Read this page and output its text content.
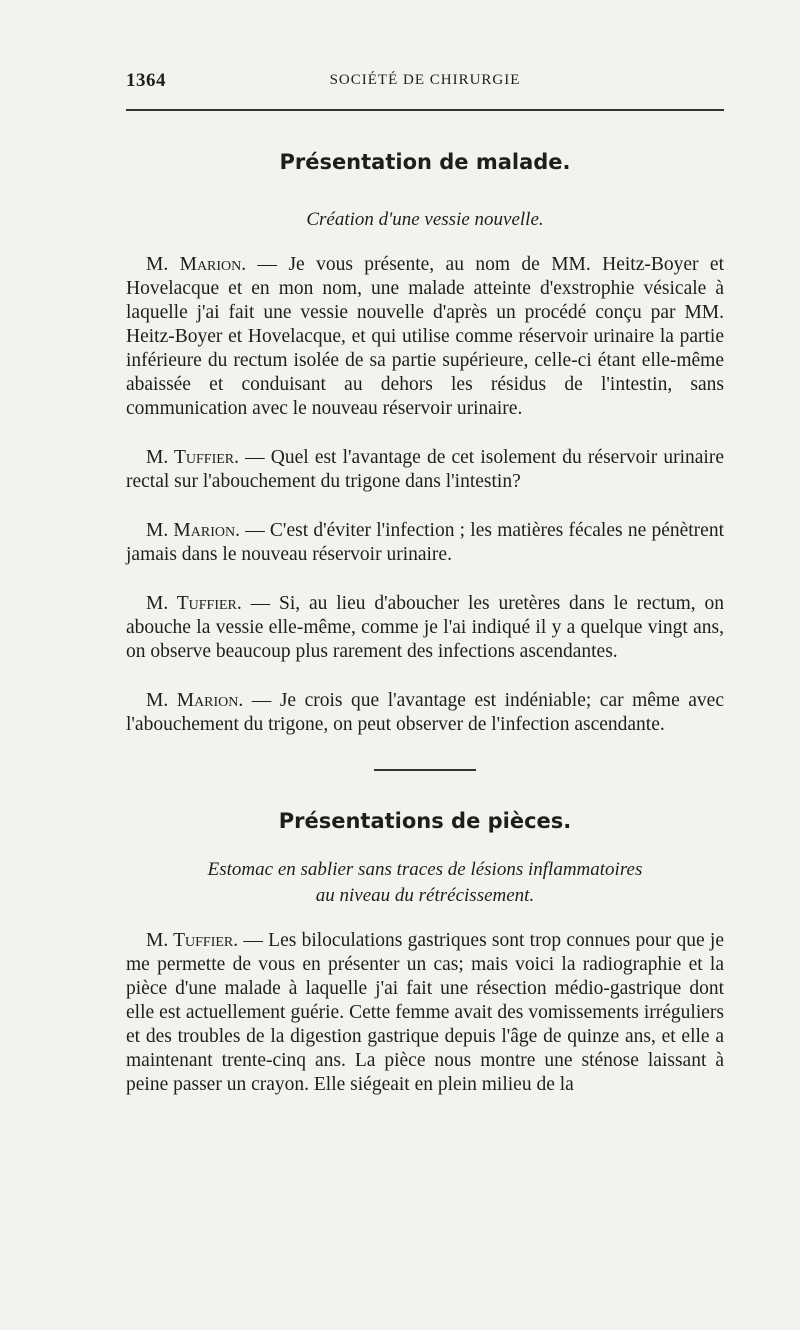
1364	SOCIÉTÉ DE CHIRURGIE
Présentation de malade.
Création d'une vessie nouvelle.

M. Marion. — Je vous présente, au nom de MM. Heitz-Boyer et Hovelacque et en mon nom, une malade atteinte d'exstrophie vésicale à laquelle j'ai fait une vessie nouvelle d'après un procédé conçu par MM. Heitz-Boyer et Hovelacque, et qui utilise comme réservoir urinaire la partie inférieure du rectum isolée de sa partie supérieure, celle-ci étant elle-même abaissée et conduisant au dehors les résidus de l'intestin, sans communication avec le nouveau réservoir urinaire.

M. Tuffier. — Quel est l'avantage de cet isolement du réservoir urinaire rectal sur l'abouchement du trigone dans l'intestin?

M. Marion. — C'est d'éviter l'infection ; les matières fécales ne pénètrent jamais dans le nouveau réservoir urinaire.

M. Tuffier. — Si, au lieu d'aboucher les uretères dans le rectum, on abouche la vessie elle-même, comme je l'ai indiqué il y a quelque vingt ans, on observe beaucoup plus rarement des infections ascendantes.

M. Marion. — Je crois que l'avantage est indéniable; car même avec l'abouchement du trigone, on peut observer de l'infection ascendante.

Présentations de pièces.
Estomac en sablier sans traces de lésions inflammatoires
au niveau du rétrécissement.

M. Tuffier. — Les biloculations gastriques sont trop connues pour que je me permette de vous en présenter un cas; mais voici la radiographie et la pièce d'une malade à laquelle j'ai fait une résection médio-gastrique dont elle est actuellement guérie. Cette femme avait des vomissements irréguliers et des troubles de la digestion gastrique depuis l'âge de quinze ans, et elle a maintenant trente-cinq ans. La pièce nous montre une sténose laissant à peine passer un crayon. Elle siégeait en plein milieu de la
